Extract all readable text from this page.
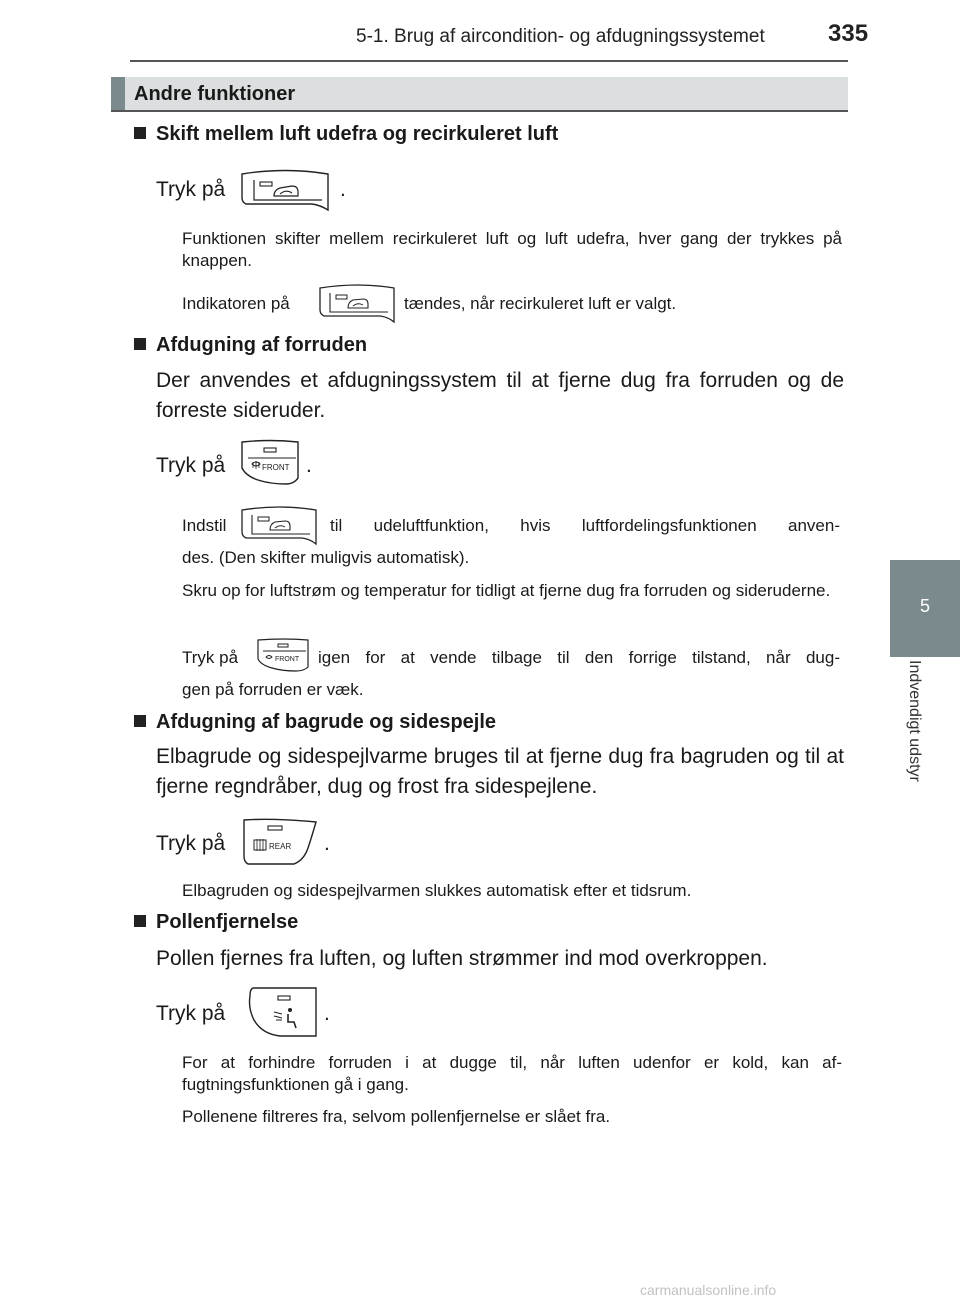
5-1. Brug af aircondition- og afdugningssystemet	335
5
Indvendigt udstyr
Andre funktioner
Skift mellem luft udefra og recirkuleret luft
Tryk på	.
Funktionen skifter mellem recirkuleret luft og luft udefra, hver gang der trykkes på knappen.
Indikatoren på	tændes, når recirkuleret luft er valgt.
Afdugning af forruden
Der anvendes et afdugningssystem til at fjerne dug fra forruden og de forreste sideruder.
Tryk på	FRONT .
Indstil	til udeluftfunktion, hvis luftfordelingsfunktionen anven-
des. (Den skifter muligvis automatisk).
Skru op for luftstrøm og temperatur for tidligt at fjerne dug fra forruden og sideruderne.
Tryk på	FRONT igen for at vende tilbage til den forrige tilstand, når dug-
gen på forruden er væk.
Afdugning af bagrude og sidespejle
Elbagrude og sidespejlvarme bruges til at fjerne dug fra bagruden og til at fjerne regndråber, dug og frost fra sidespejlene.
Tryk på	REAR .
Elbagruden og sidespejlvarmen slukkes automatisk efter et tidsrum.
Pollenfjernelse
Pollen fjernes fra luften, og luften strømmer ind mod overkroppen.
Tryk på	.
For at forhindre forruden i at dugge til, når luften udenfor er kold, kan af-fugtningsfunktionen gå i gang.
Pollenene filtreres fra, selvom pollenfjernelse er slået fra.
carmanualsonline.info
